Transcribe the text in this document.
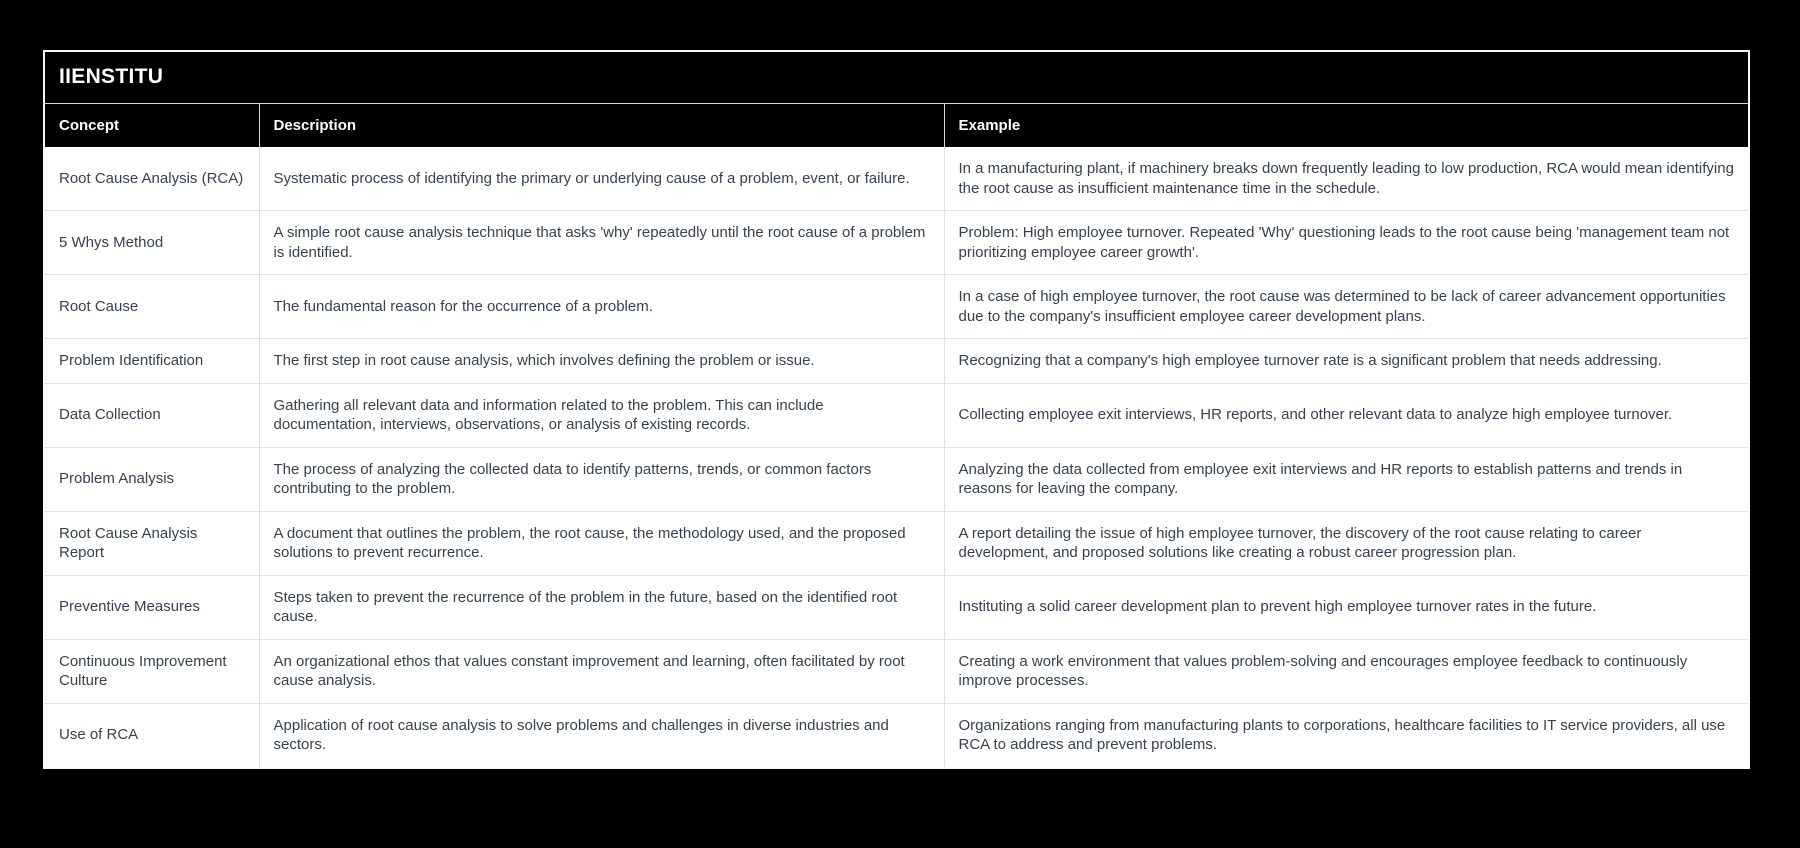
IIENSTITU
Concept	Description	Example
Root Cause Analysis (RCA)	Systematic process of identifying the primary or underlying cause of a problem, event, or failure.	In a manufacturing plant, if machinery breaks down frequently leading to low production, RCA would mean identifying the root cause as insufficient maintenance time in the schedule.
5 Whys Method	A simple root cause analysis technique that asks 'why' repeatedly until the root cause of a problem is identified.	Problem: High employee turnover. Repeated 'Why' questioning leads to the root cause being 'management team not prioritizing employee career growth'.
Root Cause	The fundamental reason for the occurrence of a problem.	In a case of high employee turnover, the root cause was determined to be lack of career advancement opportunities due to the company's insufficient employee career development plans.
Problem Identification	The first step in root cause analysis, which involves defining the problem or issue.	Recognizing that a company's high employee turnover rate is a significant problem that needs addressing.
Data Collection	Gathering all relevant data and information related to the problem. This can include documentation, interviews, observations, or analysis of existing records.	Collecting employee exit interviews, HR reports, and other relevant data to analyze high employee turnover.
Problem Analysis	The process of analyzing the collected data to identify patterns, trends, or common factors contributing to the problem.	Analyzing the data collected from employee exit interviews and HR reports to establish patterns and trends in reasons for leaving the company.
Root Cause Analysis Report	A document that outlines the problem, the root cause, the methodology used, and the proposed solutions to prevent recurrence.	A report detailing the issue of high employee turnover, the discovery of the root cause relating to career development, and proposed solutions like creating a robust career progression plan.
Preventive Measures	Steps taken to prevent the recurrence of the problem in the future, based on the identified root cause.	Instituting a solid career development plan to prevent high employee turnover rates in the future.
Continuous Improvement Culture	An organizational ethos that values constant improvement and learning, often facilitated by root cause analysis.	Creating a work environment that values problem-solving and encourages employee feedback to continuously improve processes.
Use of RCA	Application of root cause analysis to solve problems and challenges in diverse industries and sectors.	Organizations ranging from manufacturing plants to corporations, healthcare facilities to IT service providers, all use RCA to address and prevent problems.
